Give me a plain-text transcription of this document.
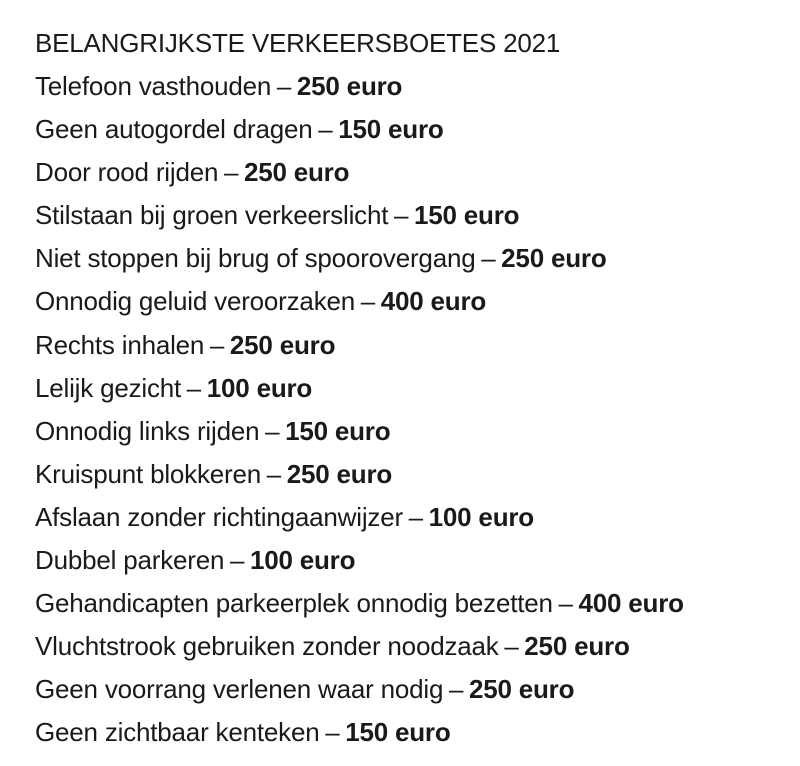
BELANGRIJKSTE VERKEERSBOETES 2021
Telefoon vasthouden – 250 euro
Geen autogordel dragen – 150 euro
Door rood rijden – 250 euro
Stilstaan bij groen verkeerslicht – 150 euro
Niet stoppen bij brug of spoorovergang – 250 euro
Onnodig geluid veroorzaken – 400 euro
Rechts inhalen – 250 euro
Lelijk gezicht – 100 euro
Onnodig links rijden – 150 euro
Kruispunt blokkeren – 250 euro
Afslaan zonder richtingaanwijzer – 100 euro
Dubbel parkeren – 100 euro
Gehandicapten parkeerplek onnodig bezetten – 400 euro
Vluchtstrook gebruiken zonder noodzaak – 250 euro
Geen voorrang verlenen waar nodig – 250 euro
Geen zichtbaar kenteken – 150 euro
